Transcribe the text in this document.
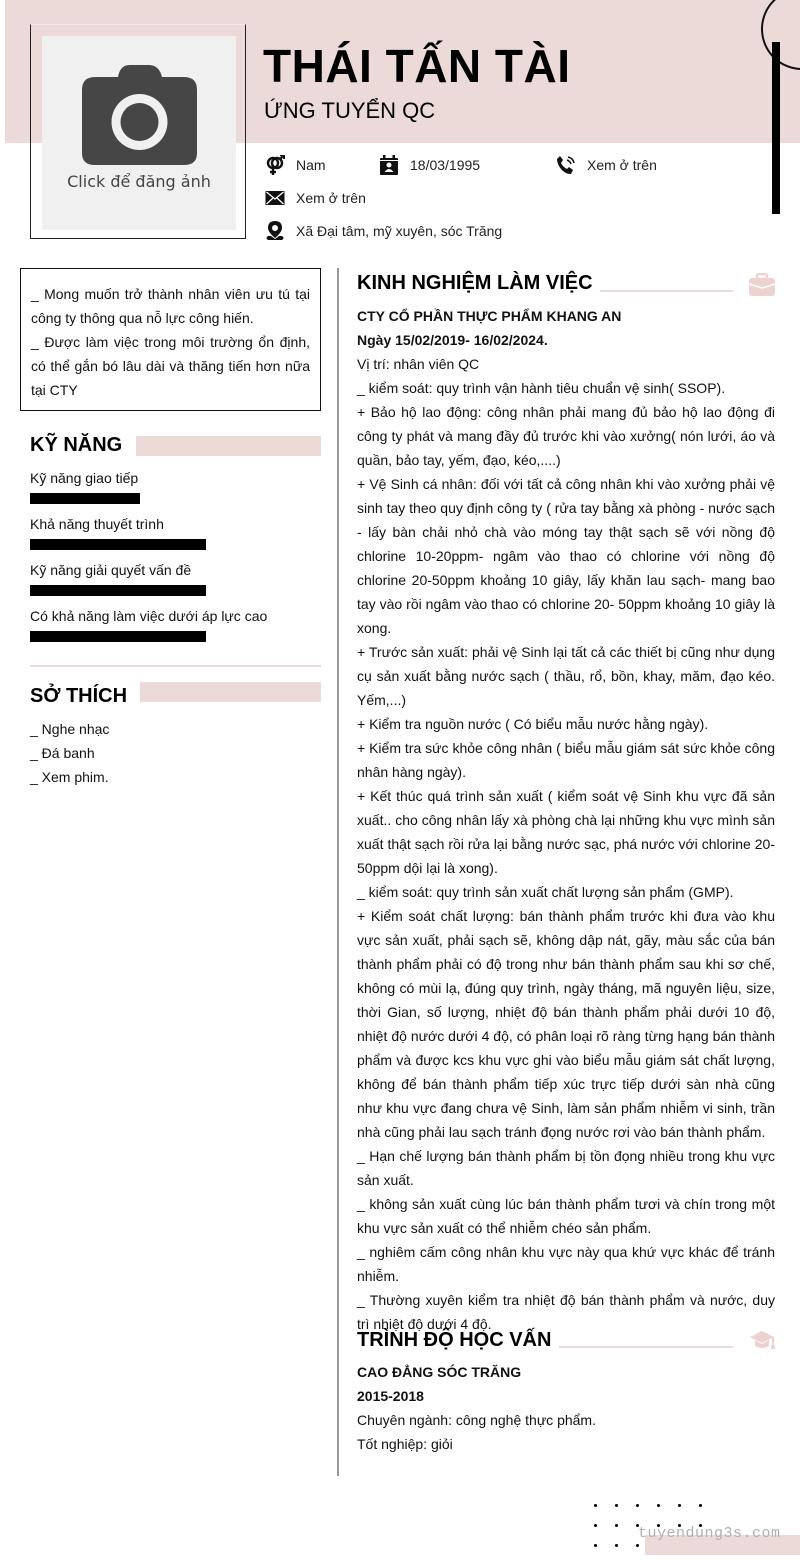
Click để đăng ảnh
THÁI TẤN TÀI
ỨNG TUYỂN QC
Nam	18/03/1995	Xem ở trên
Xem ở trên
Xã Đại tâm, mỹ xuyên, sóc Trăng

_ Mong muốn trở thành nhân viên ưu tú tại công ty thông qua nỗ lực công hiến.

_ Được làm việc trong môi trường ổn định, có thể gắn bó lâu dài và thăng tiến hơn nữa tại CTY

KỸ NĂNG
Kỹ năng giao tiếp
Khả năng thuyết trình
Kỹ năng giải quyết vấn đề
Có khả năng làm việc dưới áp lực cao
SỞ THÍCH
_ Nghe nhạc
_ Đá banh
_ Xem phim.
KINH NGHIỆM LÀM VIỆC

CTY CỔ PHẦN THỰC PHẨM KHANG AN

Ngày 15/02/2019- 16/02/2024.

Vị trí: nhân viên QC

_ kiểm soát: quy trình vận hành tiêu chuẩn vệ sinh( SSOP).

+ Bảo hộ lao động: công nhân phải mang đủ bảo hộ lao động đi công ty phát và mang đầy đủ trước khi vào xưởng( nón lưới, áo và quần, bảo tay, yếm, đạo, kéo,....)

+ Vệ Sinh cá nhân: đối với tất cả công nhân khi vào xưởng phải vệ sinh tay theo quy định công ty ( rửa tay bằng xà phòng - nước sạch - lấy bàn chải nhỏ chà vào móng tay thật sạch sẽ với nồng độ chlorine 10-20ppm- ngâm vào thao có chlorine với nồng độ chlorine 20-50ppm khoảng 10 giây, lấy khăn lau sạch- mang bao tay vào rồi ngâm vào thao có chlorine 20- 50ppm khoảng 10 giây là xong.

+ Trước sản xuất: phải vệ Sinh lại tất cả các thiết bị cũng như dụng cụ sản xuất bằng nước sạch ( thầu, rổ, bồn, khay, măm, đạo kéo. Yếm,...)

+ Kiểm tra nguồn nước ( Có biểu mẫu nước hằng ngày).

+ Kiểm tra sức khỏe công nhân ( biểu mẫu giám sát sức khỏe công nhân hàng ngày).

+ Kết thúc quá trình sản xuất ( kiểm soát vệ Sinh khu vực đã sản xuất.. cho công nhân lấy xà phòng chà lại những khu vực mình sản xuất thật sạch rồi rửa lại bằng nước sạc, phá nước với chlorine 20-50ppm dội lại là xong).

_ kiểm soát: quy trình sản xuất chất lượng sản phẩm (GMP).

+ Kiểm soát chất lượng: bán thành phẩm trước khi đưa vào khu vực sản xuất, phải sạch sẽ, không dập nát, gãy, màu sắc của bán thành phẩm phải có độ trong như bán thành phẩm sau khi sơ chế, không có mùi lạ, đúng quy trình, ngày tháng, mã nguyên liệu, size, thời Gian, số lượng, nhiệt độ bán thành phẩm phải dưới 10 độ, nhiệt độ nước dưới 4 độ, có phân loại rõ ràng từng hạng bán thành phẩm và được kcs khu vực ghi vào biểu mẫu giám sát chất lượng, không để bán thành phẩm tiếp xúc trực tiếp dưới sàn nhà cũng như khu vực đang chưa vệ Sinh, làm sản phẩm nhiễm vi sinh, trần nhà cũng phải lau sạch tránh đọng nước rơi vào bán thành phẩm.

_ Hạn chế lượng bán thành phẩm bị tồn đọng nhiều trong khu vực sản xuất.

_ không sản xuất cùng lúc bán thành phẩm tươi và chín trong một khu vực sản xuất có thể nhiễm chéo sản phẩm.

_ nghiêm cấm công nhân khu vực này qua khứ vực khác để tránh nhiễm.

_ Thường xuyên kiểm tra nhiệt độ bán thành phẩm và nước, duy trì nhiệt độ dưới 4 độ.

TRÌNH ĐỘ HỌC VẤN

CAO ĐẲNG SÓC TRĂNG

2015-2018

Chuyên ngành: công nghệ thực phẩm.

Tốt nghiệp: giỏi

tuyendung3s.com
